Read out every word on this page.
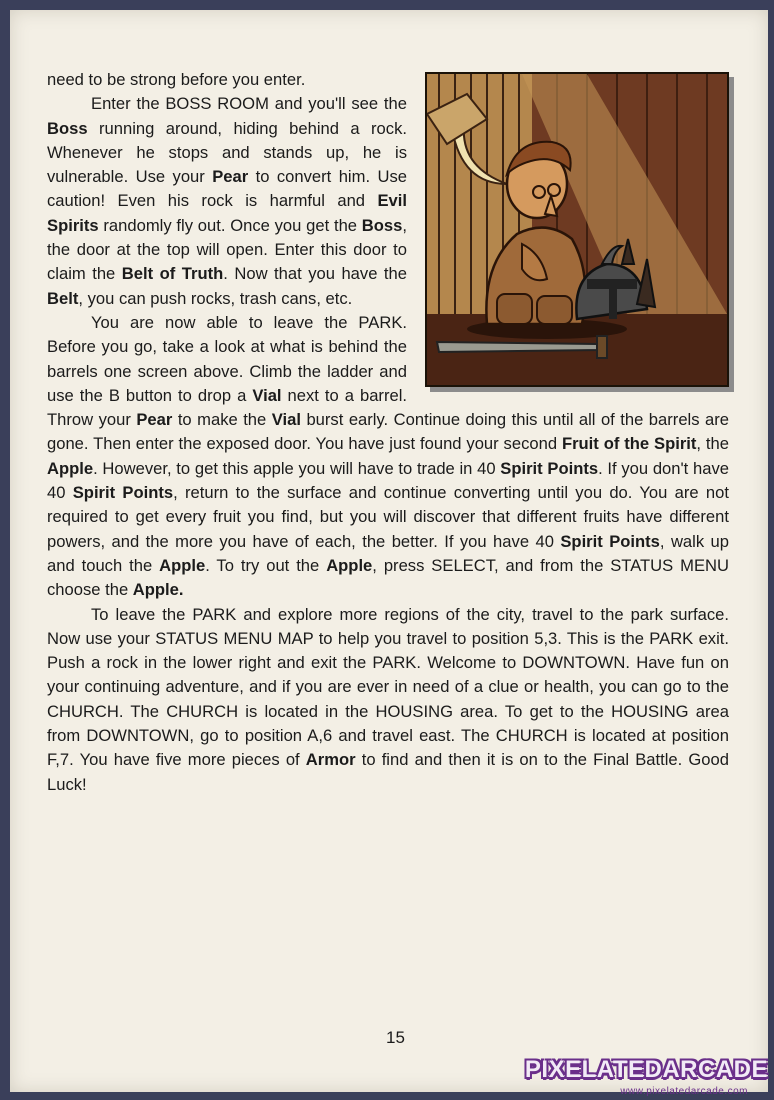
need to be strong before you enter.

Enter the BOSS ROOM and you'll see the Boss running around, hiding behind a rock. Whenever he stops and stands up, he is vulnerable. Use your Pear to convert him. Use caution! Even his rock is harmful and Evil Spirits randomly fly out. Once you get the Boss, the door at the top will open. Enter this door to claim the Belt of Truth. Now that you have the Belt, you can push rocks, trash cans, etc.

You are now able to leave the PARK. Before you go, take a look at what is behind the barrels one screen above. Climb the ladder and use the B button to drop a Vial next to a barrel. Throw your Pear to make the Vial burst early. Continue doing this until all of the barrels are gone. Then enter the exposed door. You have just found your second Fruit of the Spirit, the Apple. However, to get this apple you will have to trade in 40 Spirit Points. If you don't have 40 Spirit Points, return to the surface and continue converting until you do. You are not required to get every fruit you find, but you will discover that different fruits have different powers, and the more you have of each, the better. If you have 40 Spirit Points, walk up and touch the Apple. To try out the Apple, press SELECT, and from the STATUS MENU choose the Apple.

To leave the PARK and explore more regions of the city, travel to the park surface. Now use your STATUS MENU MAP to help you travel to position 5,3. This is the PARK exit. Push a rock in the lower right and exit the PARK. Welcome to DOWNTOWN. Have fun on your continuing adventure, and if you are ever in need of a clue or health, you can go to the CHURCH. The CHURCH is located in the HOUSING area. To get to the HOUSING area from DOWNTOWN, go to position A,6 and travel east. The CHURCH is located at position F,7. You have five more pieces of Armor to find and then it is on to the Final Battle. Good Luck!

15
PIXELATEDARCADE
www.pixelatedarcade.com
